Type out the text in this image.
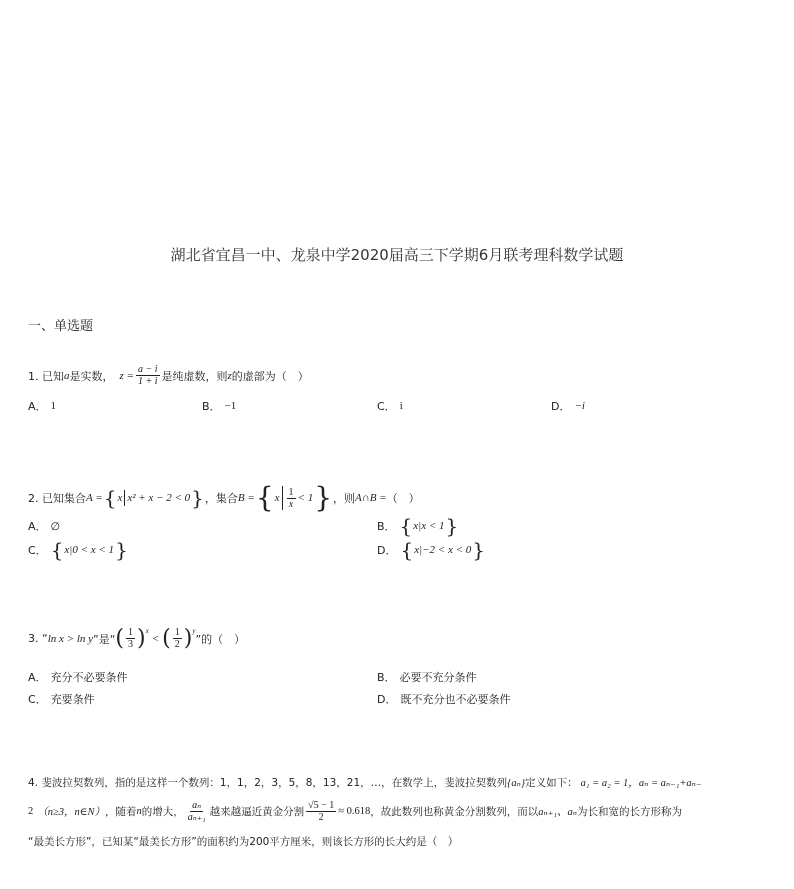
湖北省宜昌一中、龙泉中学2020届高三下学期6月联考理科数学试题
一、单选题
1. 已知 a 是实数， $z = \frac{a - i}{1 + i}$ 是纯虚数，则 z 的虚部为（　）
A． 1	B． −1	C． i	D． −i
2. 已知集合 A = { x x² + x − 2 < 0 } ，集合 B = { x $\frac{1}{x} < 1$ } ，则 A∩B = （　）
A． ∅	B． { x|x < 1 }
C． { x|0 < x < 1 }	D． { x|−2 < x < 0 }
3. “ ln x > ln y ”是“ ( $\frac{1}{3} )^x$
< ( $\frac{1}{2} )^y$
”的（　）
A． 充分不必要条件	B． 必要不充分条件
C． 充要条件	D． 既不充分也不必要条件
4. 斐波拉契数列，指的是这样一个数列：1，1，2，3，5，8，13，21，…，在数学上，斐波拉契数列 {aₙ} 定义如下： a₁ = a₂ = 1， aₙ = aₙ₋₁+aₙ₋
2 （n≥3，n∈N） ，随着 n 的增大， $\frac{\text{aₙ}}{\text{aₙ₊₁}}$ 越来越逼近黄金分割 $\frac{√5 - 1}{2} \approx 0.618$ ，故此数列也称黄金分割数列，而以 aₙ₊₁、aₙ 为长和宽的长方形称为
“最美长方形”，已知某“最美长方形”的面积约为200平方厘米，则该长方形的长大约是（　）
